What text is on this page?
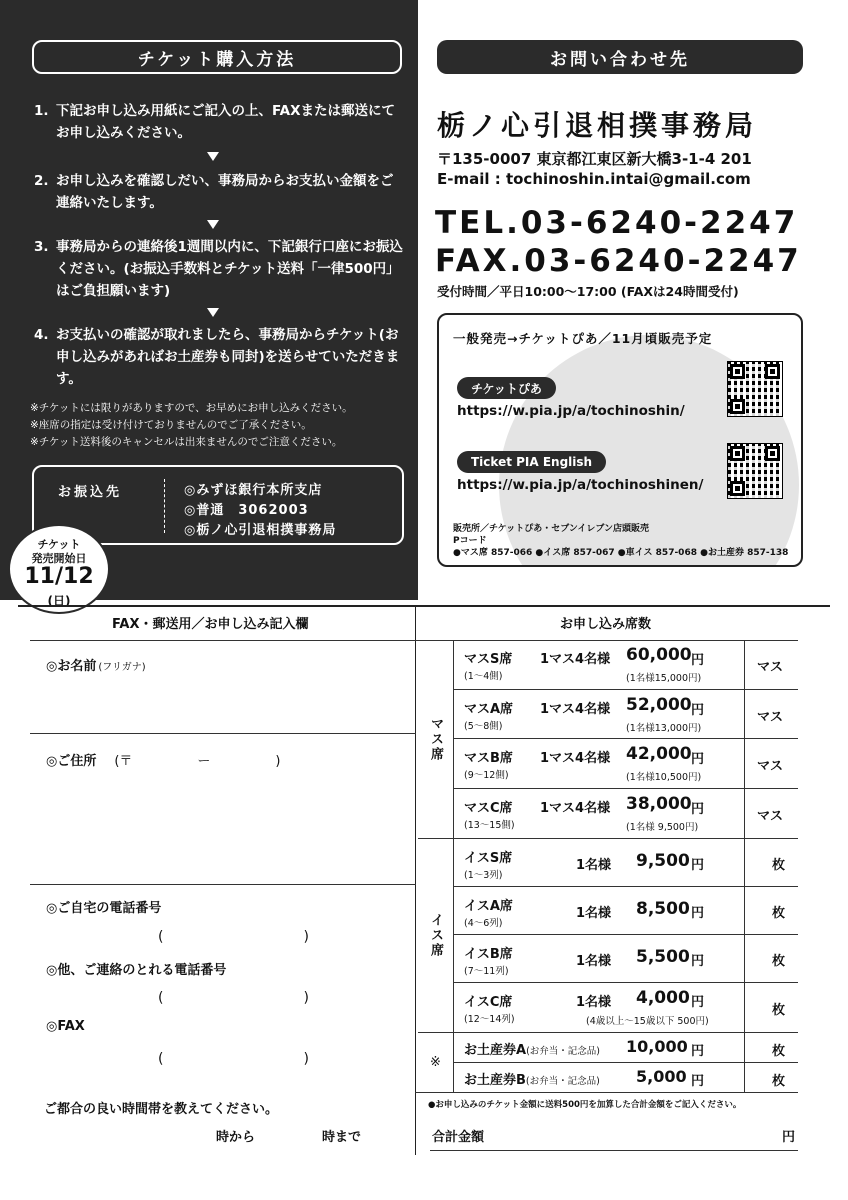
チケット購入方法
1. 下記お申し込み用紙にご記入の上、FAXまたは郵送にてお申し込みください。
2. お申し込みを確認しだい、事務局からお支払い金額をご連絡いたします。
3. 事務局からの連絡後1週間以内に、下記銀行口座にお振込ください。(お振込手数料とチケット送料「一律500円」はご負担願います)
4. お支払いの確認が取れましたら、事務局からチケット(お申し込みがあればお土産券も同封)を送らせていただきます。
※チケットには限りがありますので、お早めにお申し込みください。
※座席の指定は受け付けておりませんのでご了承ください。
※チケット送料後のキャンセルは出来ませんのでご注意ください。
お振込先	◎みずほ銀行本所支店
◎普通　3062003
◎栃ノ心引退相撲事務局
チケット
発売開始日
11/12
(日)
お問い合わせ先
栃ノ心引退相撲事務局
〒135-0007 東京都江東区新大橋3-1-4 201
E-mail : tochinoshin.intai@gmail.com
TEL.03-6240-2247
FAX.03-6240-2247
受付時間／平日10:00〜17:00 (FAXは24時間受付)
一般発売→チケットぴあ／11月頃販売予定
チケットぴあ
https://w.pia.jp/a/tochinoshin/
Ticket PIA English
https://w.pia.jp/a/tochinoshinen/
販売所／チケットぴあ・セブンイレブン店頭販売
Pコード
●マス席 857-066 ●イス席 857-067 ●車イス 857-068 ●お土産券 857-138
FAX・郵送用／お申し込み記入欄	お申し込み席数
◎お名前 (フリガナ)
◎ご住所 (〒　　　　　ー　　　　　)
◎ご自宅の電話番号
(　　　　　　　　　　)
◎他、ご連絡のとれる電話番号
(　　　　　　　　　　)
◎FAX
(　　　　　　　　　　)
ご都合の良い時間帯を教えてください。
時から	時まで
マス席
イス席
※
マスS席
(1〜4側)
1マス4名様 60,000 円
(1名様15,000円)
マス
マスA席
(5〜8側)
1マス4名様 52,000 円
(1名様13,000円)
マス
マスB席
(9〜12側)
1マス4名様 42,000 円
(1名様10,500円)
マス
マスC席
(13〜15側)
1マス4名様 38,000 円
(1名様 9,500円)
マス
イスS席
(1〜3列)
1名様 9,500 円	枚
イスA席
(4〜6列)
1名様 8,500 円	枚
イスB席
(7〜11列)
1名様 5,500 円	枚
イスC席
(12〜14列)
1名様 4,000 円
(4歳以上〜15歳以下 500円)
枚
お土産券A(お弁当・記念品) 10,000 円	枚
お土産券B(お弁当・記念品) 5,000 円	枚
●お申し込みのチケット金額に送料500円を加算した合計金額をご記入ください。
合計金額	円
